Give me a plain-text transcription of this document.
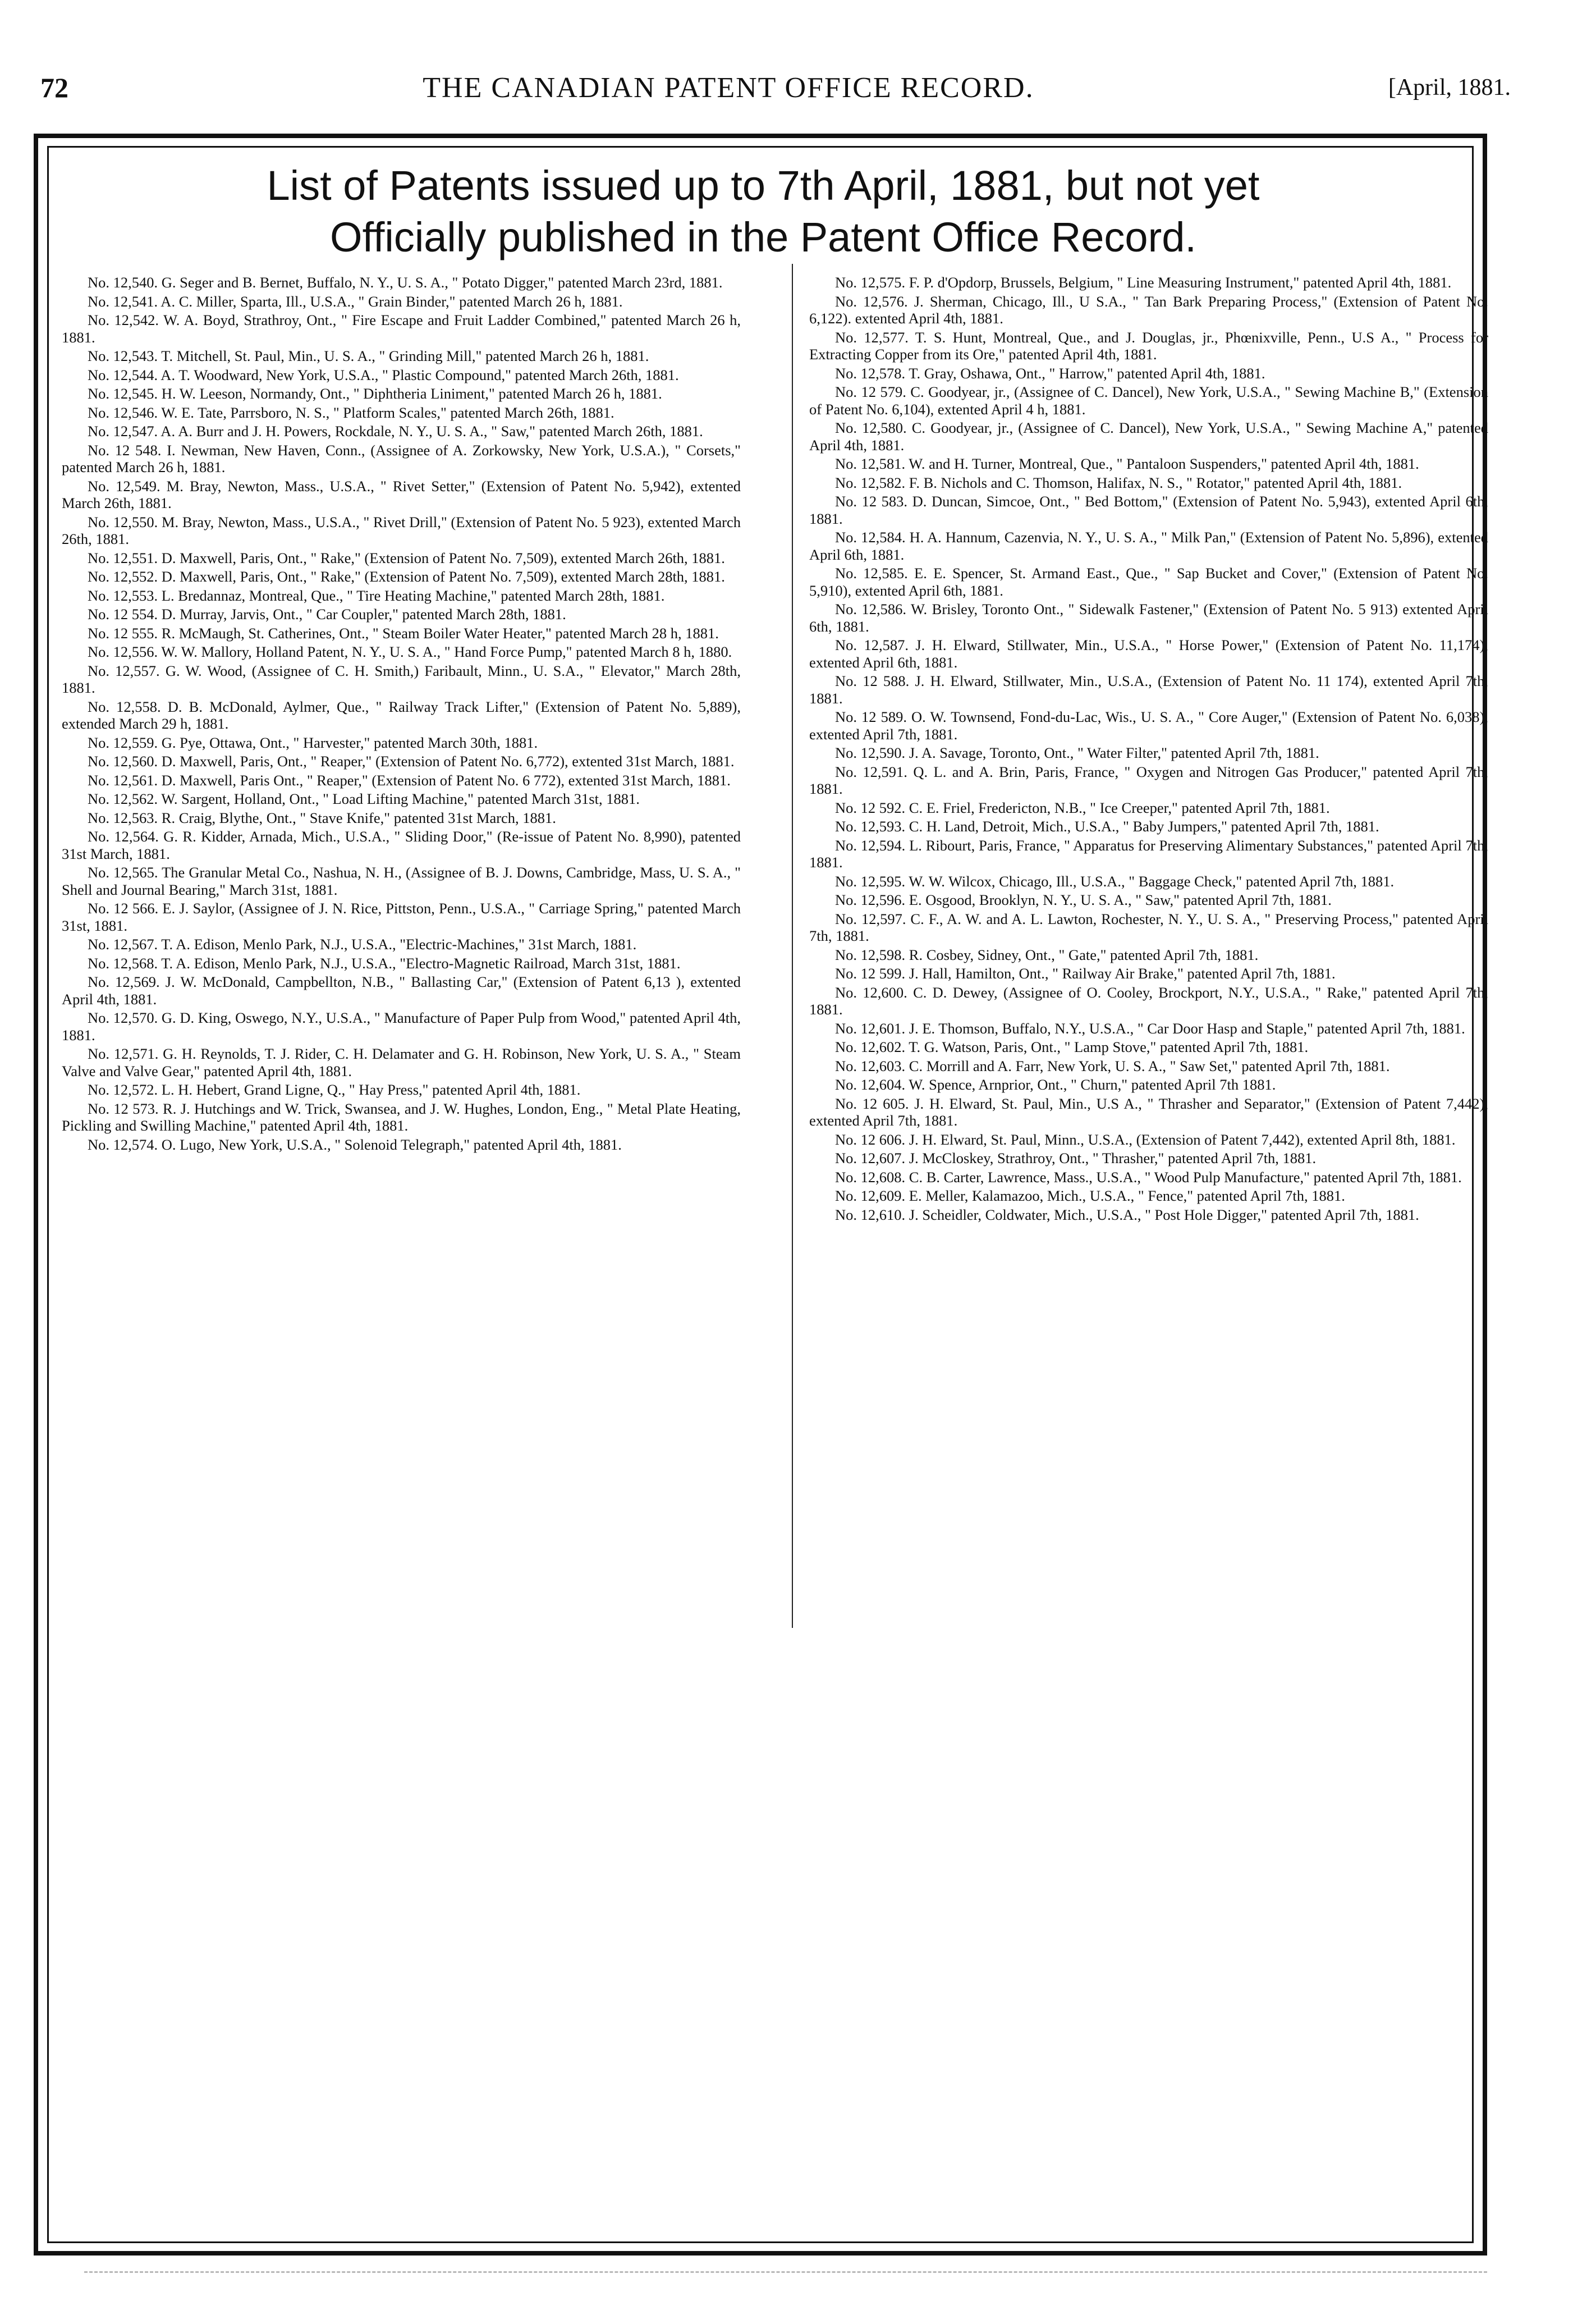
72	THE CANADIAN PATENT OFFICE RECORD.	[April, 1881.
List of Patents issued up to 7th April, 1881, but not yet
Officially published in the Patent Office Record.

No. 12,540. G. Seger and B. Bernet, Buffalo, N. Y., U. S. A., " Potato Digger," patented March 23rd, 1881.

No. 12,541. A. C. Miller, Sparta, Ill., U.S.A., " Grain Binder," patented March 26 h, 1881.

No. 12,542. W. A. Boyd, Strathroy, Ont., " Fire Escape and Fruit Ladder Combined," patented March 26 h, 1881.

No. 12,543. T. Mitchell, St. Paul, Min., U. S. A., " Grinding Mill," patented March 26 h, 1881.

No. 12,544. A. T. Woodward, New York, U.S.A., " Plastic Compound," patented March 26th, 1881.

No. 12,545. H. W. Leeson, Normandy, Ont., " Diphtheria Liniment," patented March 26 h, 1881.

No. 12,546. W. E. Tate, Parrsboro, N. S., " Platform Scales," patented March 26th, 1881.

No. 12,547. A. A. Burr and J. H. Powers, Rockdale, N. Y., U. S. A., " Saw," patented March 26th, 1881.

No. 12 548. I. Newman, New Haven, Conn., (Assignee of A. Zorkowsky, New York, U.S.A.), " Corsets," patented March 26 h, 1881.

No. 12,549. M. Bray, Newton, Mass., U.S.A., " Rivet Setter," (Extension of Patent No. 5,942), extented March 26th, 1881.

No. 12,550. M. Bray, Newton, Mass., U.S.A., " Rivet Drill," (Extension of Patent No. 5 923), extented March 26th, 1881.

No. 12,551. D. Maxwell, Paris, Ont., " Rake," (Extension of Patent No. 7,509), extented March 26th, 1881.

No. 12,552. D. Maxwell, Paris, Ont., " Rake," (Extension of Patent No. 7,509), extented March 28th, 1881.

No. 12,553. L. Bredannaz, Montreal, Que., " Tire Heating Machine," patented March 28th, 1881.

No. 12 554. D. Murray, Jarvis, Ont., " Car Coupler," patented March 28th, 1881.

No. 12 555. R. McMaugh, St. Catherines, Ont., " Steam Boiler Water Heater," patented March 28 h, 1881.

No. 12,556. W. W. Mallory, Holland Patent, N. Y., U. S. A., " Hand Force Pump," patented March 8 h, 1880.

No. 12,557. G. W. Wood, (Assignee of C. H. Smith,) Faribault, Minn., U. S.A., " Elevator," March 28th, 1881.

No. 12,558. D. B. McDonald, Aylmer, Que., " Railway Track Lifter," (Extension of Patent No. 5,889), extended March 29 h, 1881.

No. 12,559. G. Pye, Ottawa, Ont., " Harvester," patented March 30th, 1881.

No. 12,560. D. Maxwell, Paris, Ont., " Reaper," (Extension of Patent No. 6,772), extented 31st March, 1881.

No. 12,561. D. Maxwell, Paris Ont., " Reaper," (Extension of Patent No. 6 772), extented 31st March, 1881.

No. 12,562. W. Sargent, Holland, Ont., " Load Lifting Machine," patented March 31st, 1881.

No. 12,563. R. Craig, Blythe, Ont., " Stave Knife," patented 31st March, 1881.

No. 12,564. G. R. Kidder, Arnada, Mich., U.S.A., " Sliding Door," (Re-issue of Patent No. 8,990), patented 31st March, 1881.

No. 12,565. The Granular Metal Co., Nashua, N. H., (Assignee of B. J. Downs, Cambridge, Mass, U. S. A., " Shell and Journal Bearing," March 31st, 1881.

No. 12 566. E. J. Saylor, (Assignee of J. N. Rice, Pittston, Penn., U.S.A., " Carriage Spring," patented March 31st, 1881.

No. 12,567. T. A. Edison, Menlo Park, N.J., U.S.A., "Electric-Machines," 31st March, 1881.

No. 12,568. T. A. Edison, Menlo Park, N.J., U.S.A., "Electro-Magnetic Railroad, March 31st, 1881.

No. 12,569. J. W. McDonald, Campbellton, N.B., " Ballasting Car," (Extension of Patent 6,13 ), extented April 4th, 1881.

No. 12,570. G. D. King, Oswego, N.Y., U.S.A., " Manufacture of Paper Pulp from Wood," patented April 4th, 1881.

No. 12,571. G. H. Reynolds, T. J. Rider, C. H. Delamater and G. H. Robinson, New York, U. S. A., " Steam Valve and Valve Gear," patented April 4th, 1881.

No. 12,572. L. H. Hebert, Grand Ligne, Q., " Hay Press," patented April 4th, 1881.

No. 12 573. R. J. Hutchings and W. Trick, Swansea, and J. W. Hughes, London, Eng., " Metal Plate Heating, Pickling and Swilling Machine," patented April 4th, 1881.

No. 12,574. O. Lugo, New York, U.S.A., " Solenoid Telegraph," patented April 4th, 1881.

No. 12,575. F. P. d'Opdorp, Brussels, Belgium, " Line Measuring Instrument," patented April 4th, 1881.

No. 12,576. J. Sherman, Chicago, Ill., U S.A., " Tan Bark Preparing Process," (Extension of Patent No. 6,122). extented April 4th, 1881.

No. 12,577. T. S. Hunt, Montreal, Que., and J. Douglas, jr., Phœnixville, Penn., U.S A., " Process for Extracting Copper from its Ore," patented April 4th, 1881.

No. 12,578. T. Gray, Oshawa, Ont., " Harrow," patented April 4th, 1881.

No. 12 579. C. Goodyear, jr., (Assignee of C. Dancel), New York, U.S.A., " Sewing Machine B," (Extension of Patent No. 6,104), extented April 4 h, 1881.

No. 12,580. C. Goodyear, jr., (Assignee of C. Dancel), New York, U.S.A., " Sewing Machine A," patented April 4th, 1881.

No. 12,581. W. and H. Turner, Montreal, Que., " Pantaloon Suspenders," patented April 4th, 1881.

No. 12,582. F. B. Nichols and C. Thomson, Halifax, N. S., " Rotator," patented April 4th, 1881.

No. 12 583. D. Duncan, Simcoe, Ont., " Bed Bottom," (Extension of Patent No. 5,943), extented April 6th, 1881.

No. 12,584. H. A. Hannum, Cazenvia, N. Y., U. S. A., " Milk Pan," (Extension of Patent No. 5,896), extented April 6th, 1881.

No. 12,585. E. E. Spencer, St. Armand East., Que., " Sap Bucket and Cover," (Extension of Patent No. 5,910), extented April 6th, 1881.

No. 12,586. W. Brisley, Toronto Ont., " Sidewalk Fastener," (Extension of Patent No. 5 913) extented April 6th, 1881.

No. 12,587. J. H. Elward, Stillwater, Min., U.S.A., " Horse Power," (Extension of Patent No. 11,174), extented April 6th, 1881.

No. 12 588. J. H. Elward, Stillwater, Min., U.S.A., (Extension of Patent No. 11 174), extented April 7th, 1881.

No. 12 589. O. W. Townsend, Fond-du-Lac, Wis., U. S. A., " Core Auger," (Extension of Patent No. 6,038), extented April 7th, 1881.

No. 12,590. J. A. Savage, Toronto, Ont., " Water Filter," patented April 7th, 1881.

No. 12,591. Q. L. and A. Brin, Paris, France, " Oxygen and Nitrogen Gas Producer," patented April 7th, 1881.

No. 12 592. C. E. Friel, Fredericton, N.B., " Ice Creeper," patented April 7th, 1881.

No. 12,593. C. H. Land, Detroit, Mich., U.S.A., " Baby Jumpers," patented April 7th, 1881.

No. 12,594. L. Ribourt, Paris, France, " Apparatus for Preserving Alimentary Substances," patented April 7th, 1881.

No. 12,595. W. W. Wilcox, Chicago, Ill., U.S.A., " Baggage Check," patented April 7th, 1881.

No. 12,596. E. Osgood, Brooklyn, N. Y., U. S. A., " Saw," patented April 7th, 1881.

No. 12,597. C. F., A. W. and A. L. Lawton, Rochester, N. Y., U. S. A., " Preserving Process," patented April 7th, 1881.

No. 12,598. R. Cosbey, Sidney, Ont., " Gate," patented April 7th, 1881.

No. 12 599. J. Hall, Hamilton, Ont., " Railway Air Brake," patented April 7th, 1881.

No. 12,600. C. D. Dewey, (Assignee of O. Cooley, Brockport, N.Y., U.S.A., " Rake," patented April 7th, 1881.

No. 12,601. J. E. Thomson, Buffalo, N.Y., U.S.A., " Car Door Hasp and Staple," patented April 7th, 1881.

No. 12,602. T. G. Watson, Paris, Ont., " Lamp Stove," patented April 7th, 1881.

No. 12,603. C. Morrill and A. Farr, New York, U. S. A., " Saw Set," patented April 7th, 1881.

No. 12,604. W. Spence, Arnprior, Ont., " Churn," patented April 7th 1881.

No. 12 605. J. H. Elward, St. Paul, Min., U.S A., " Thrasher and Separator," (Extension of Patent 7,442), extented April 7th, 1881.

No. 12 606. J. H. Elward, St. Paul, Minn., U.S.A., (Extension of Patent 7,442), extented April 8th, 1881.

No. 12,607. J. McCloskey, Strathroy, Ont., " Thrasher," patented April 7th, 1881.

No. 12,608. C. B. Carter, Lawrence, Mass., U.S.A., " Wood Pulp Manufacture," patented April 7th, 1881.

No. 12,609. E. Meller, Kalamazoo, Mich., U.S.A., " Fence," patented April 7th, 1881.

No. 12,610. J. Scheidler, Coldwater, Mich., U.S.A., " Post Hole Digger," patented April 7th, 1881.
